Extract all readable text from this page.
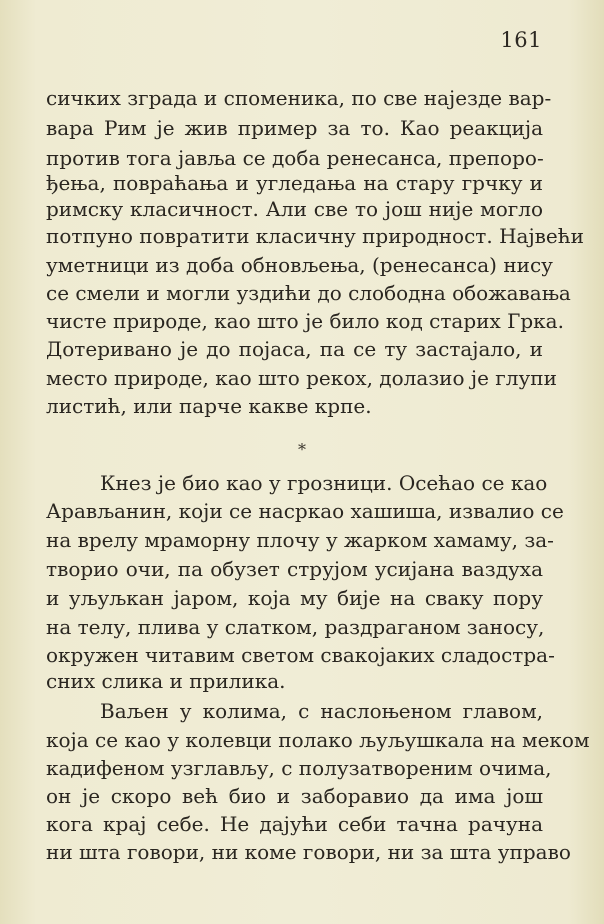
161
сичких зграда и споменика, по све најезде вар-
вара Рим је жив пример за то. Као реакција
против тога јавља се доба ренесанса, препоро-
ђења, повраћања и угледања на стару грчку и
римску класичност. Али све то још није могло
потпуно повратити класичну природност. Највећи
уметници из доба обновљења, (ренесанса) нису
се смели и могли уздићи до слободна обожавања
чисте природе, као што је било код старих Грка.
Дотеривано је до појаса, па се ту застајало, и
место природе, као што рекох, долазио је глупи
листић, или парче какве крпе.
*
Кнез је био као у грозници. Осећао се као
Арављанин, који се насркао хашиша, извалио се
на врелу мраморну плочу у жарком хамаму, за-
творио очи, па обузет струјом усијана ваздуха
и уљуљкан јаром, која му бије на сваку пору
на телу, плива у слатком, раздраганом заносу,
окружен читавим светом свакојаких сладостра-
сних слика и прилика.
Ваљен у колима, с наслоњеном главом,
која се као у колевци полако љуљушкала на меком
кадифеном узглављу, с полузатвореним очима,
он је скоро већ био и заборавио да има још
кога крај себе. Не дајући себи тачна рачуна
ни шта говори, ни коме говори, ни за шта управо
